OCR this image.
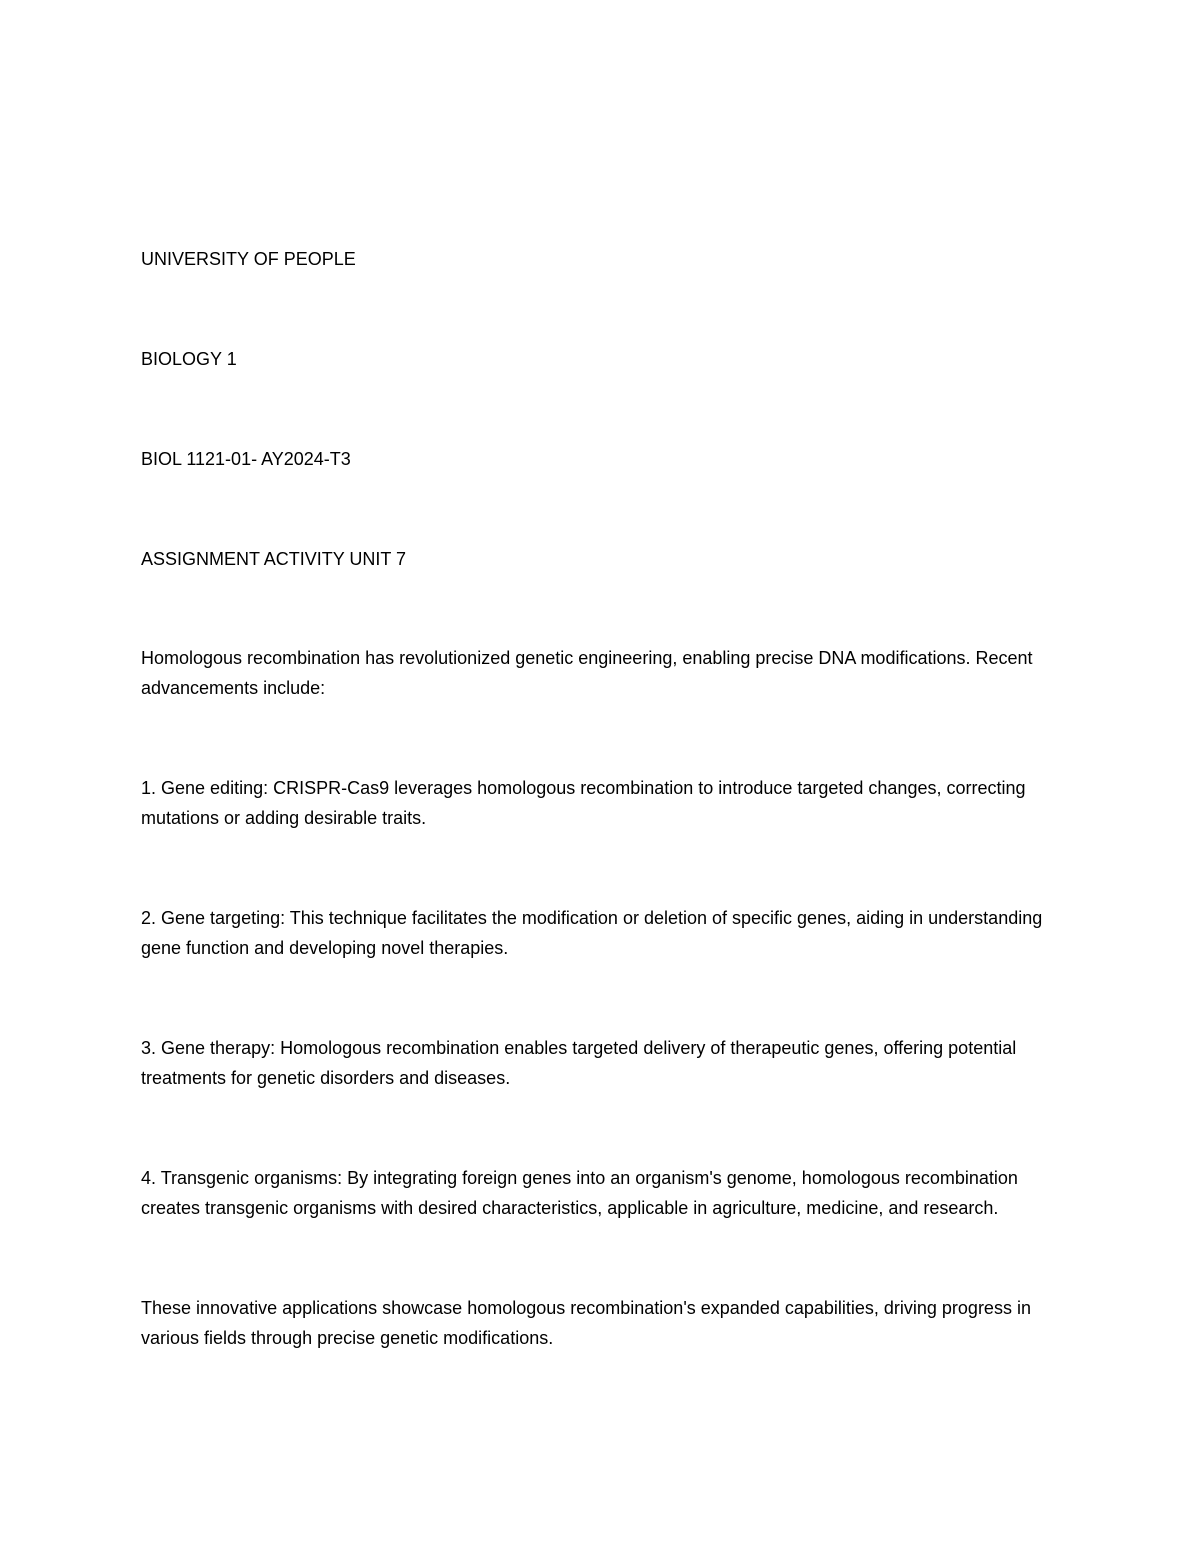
UNIVERSITY OF PEOPLE

BIOLOGY 1

BIOL 1121-01- AY2024-T3

ASSIGNMENT ACTIVITY UNIT 7

Homologous recombination has revolutionized genetic engineering, enabling precise DNA modifications. Recent advancements include:

1. Gene editing: CRISPR-Cas9 leverages homologous recombination to introduce targeted changes, correcting mutations or adding desirable traits.

2. Gene targeting: This technique facilitates the modification or deletion of specific genes, aiding in understanding gene function and developing novel therapies.

3. Gene therapy: Homologous recombination enables targeted delivery of therapeutic genes, offering potential treatments for genetic disorders and diseases.

4. Transgenic organisms: By integrating foreign genes into an organism's genome, homologous recombination creates transgenic organisms with desired characteristics, applicable in agriculture, medicine, and research.

These innovative applications showcase homologous recombination's expanded capabilities, driving progress in various fields through precise genetic modifications.
